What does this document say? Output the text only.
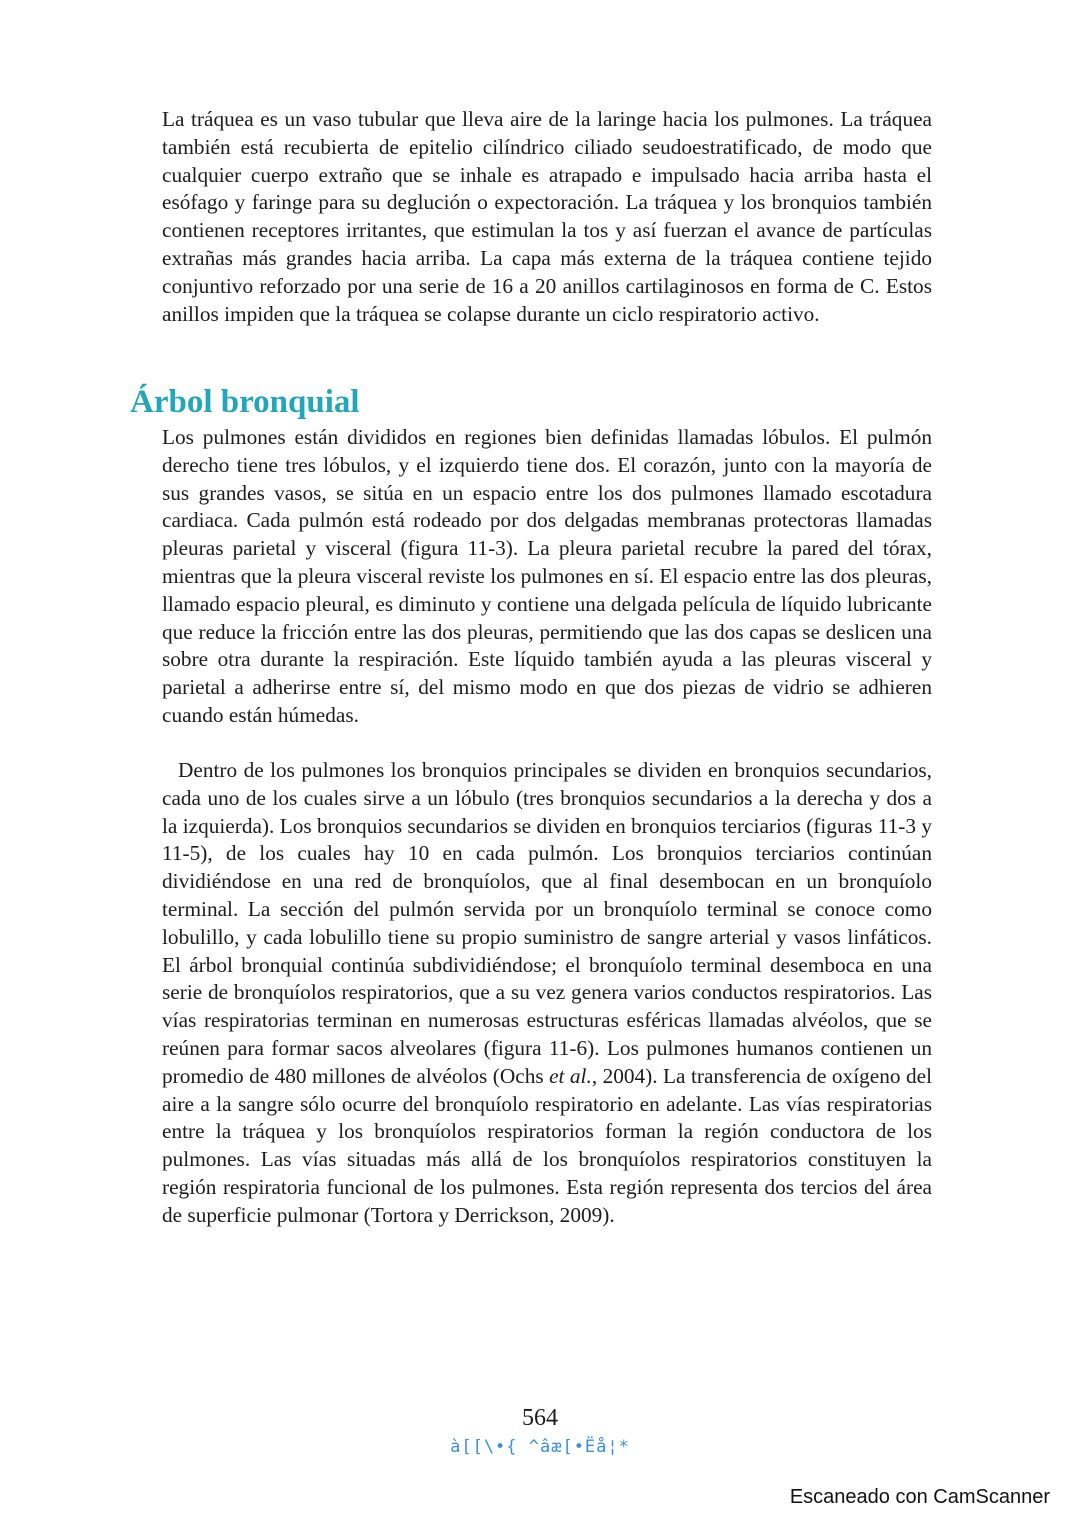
La tráquea es un vaso tubular que lleva aire de la laringe hacia los pulmones. La tráquea también está recubierta de epitelio cilíndrico ciliado seudoestratificado, de modo que cualquier cuerpo extraño que se inhale es atrapado e impulsado hacia arriba hasta el esófago y faringe para su deglución o expectoración. La tráquea y los bronquios también contienen receptores irritantes, que estimulan la tos y así fuerzan el avance de partículas extrañas más grandes hacia arriba. La capa más externa de la tráquea contiene tejido conjuntivo reforzado por una serie de 16 a 20 anillos cartilaginosos en forma de C. Estos anillos impiden que la tráquea se colapse durante un ciclo respiratorio activo.

Árbol bronquial

Los pulmones están divididos en regiones bien definidas llamadas lóbulos. El pulmón derecho tiene tres lóbulos, y el izquierdo tiene dos. El corazón, junto con la mayoría de sus grandes vasos, se sitúa en un espacio entre los dos pulmones llamado escotadura cardiaca. Cada pulmón está rodeado por dos delgadas membranas protectoras llamadas pleuras parietal y visceral (figura 11-3). La pleura parietal recubre la pared del tórax, mientras que la pleura visceral reviste los pulmones en sí. El espacio entre las dos pleuras, llamado espacio pleural, es diminuto y contiene una delgada película de líquido lubricante que reduce la fricción entre las dos pleuras, permitiendo que las dos capas se deslicen una sobre otra durante la respiración. Este líquido también ayuda a las pleuras visceral y parietal a adherirse entre sí, del mismo modo en que dos piezas de vidrio se adhieren cuando están húmedas.

Dentro de los pulmones los bronquios principales se dividen en bronquios secundarios, cada uno de los cuales sirve a un lóbulo (tres bronquios secundarios a la derecha y dos a la izquierda). Los bronquios secundarios se dividen en bronquios terciarios (figuras 11-3 y 11-5), de los cuales hay 10 en cada pulmón. Los bronquios terciarios continúan dividiéndose en una red de bronquíolos, que al final desembocan en un bronquíolo terminal. La sección del pulmón servida por un bronquíolo terminal se conoce como lobulillo, y cada lobulillo tiene su propio suministro de sangre arterial y vasos linfáticos. El árbol bronquial continúa subdividiéndose; el bronquíolo terminal desemboca en una serie de bronquíolos respiratorios, que a su vez genera varios conductos respiratorios. Las vías respiratorias terminan en numerosas estructuras esféricas llamadas alvéolos, que se reúnen para formar sacos alveolares (figura 11-6). Los pulmones humanos contienen un promedio de 480 millones de alvéolos (Ochs et al., 2004). La transferencia de oxígeno del aire a la sangre sólo ocurre del bronquíolo respiratorio en adelante. Las vías respiratorias entre la tráquea y los bronquíolos respiratorios forman la región conductora de los pulmones. Las vías situadas más allá de los bronquíolos respiratorios constituyen la región respiratoria funcional de los pulmones. Esta región representa dos tercios del área de superficie pulmonar (Tortora y Derrickson, 2009).

564
à[[\•{ ^âæ[•Ëå¦*
Escaneado con CamScanner
